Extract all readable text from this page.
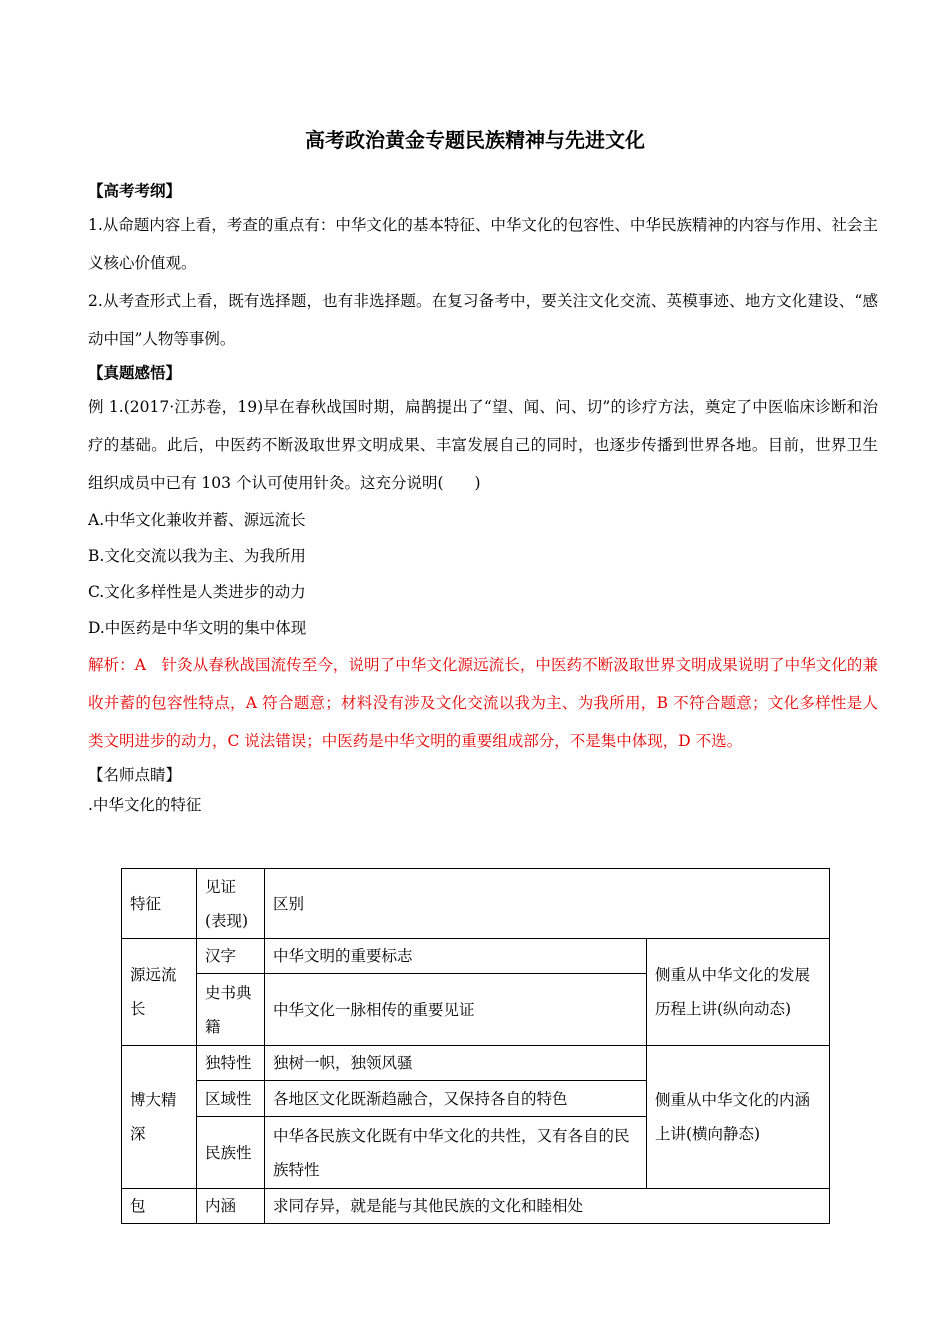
高考政治黄金专题民族精神与先进文化
【高考考纲】
1.从命题内容上看，考查的重点有：中华文化的基本特征、中华文化的包容性、中华民族精神的内容与作用、社会主义核心价值观。
2.从考查形式上看，既有选择题，也有非选择题。在复习备考中，要关注文化交流、英模事迹、地方文化建设、“感动中国”人物等事例。
【真题感悟】
例 1.(2017·江苏卷，19)早在春秋战国时期，扁鹊提出了“望、闻、问、切”的诊疗方法，奠定了中医临床诊断和治疗的基础。此后，中医药不断汲取世界文明成果、丰富发展自己的同时，也逐步传播到世界各地。目前，世界卫生组织成员中已有 103 个认可使用针灸。这充分说明(　　)
A.中华文化兼收并蓄、源远流长
B.文化交流以我为主、为我所用
C.文化多样性是人类进步的动力
D.中医药是中华文明的集中体现
解析：A　针灸从春秋战国流传至今，说明了中华文化源远流长，中医药不断汲取世界文明成果说明了中华文化的兼收并蓄的包容性特点，A 符合题意；材料没有涉及文化交流以我为主、为我所用，B 不符合题意；文化多样性是人类文明进步的动力，C 说法错误；中医药是中华文明的重要组成部分，不是集中体现，D 不选。
【名师点睛】
.中华文化的特征
特征	见证(表现)	区别	
源远流长	汉字	中华文明的重要标志	侧重从中华文化的发展历程上讲(纵向动态)
	史书典籍	中华文化一脉相传的重要见证	
博大精深	独特性	独树一帜，独领风骚	侧重从中华文化的内涵上讲(横向静态)
	区域性	各地区文化既渐趋融合，又保持各自的特色	
	民族性	中华各民族文化既有中华文化的共性，又有各自的民族特性	
包	内涵	求同存异，就是能与其他民族的文化和睦相处	
